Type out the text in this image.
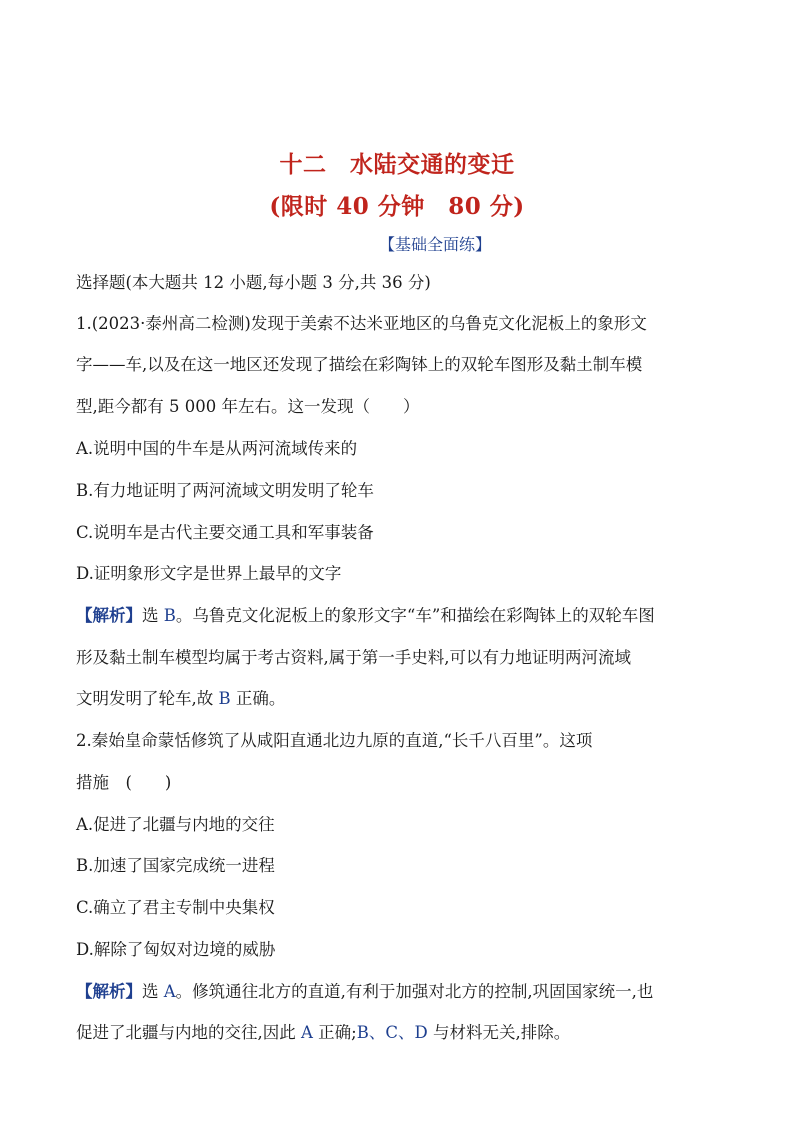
十二　水陆交通的变迁
(限时 40 分钟　80 分)
【基础全面练】
选择题(本大题共 12 小题,每小题 3 分,共 36 分)
1.(2023·泰州高二检测)发现于美索不达米亚地区的乌鲁克文化泥板上的象形文
字——车,以及在这一地区还发现了描绘在彩陶钵上的双轮车图形及黏土制车模
型,距今都有 5 000 年左右。这一发现（　　）
A.说明中国的牛车是从两河流域传来的
B.有力地证明了两河流域文明发明了轮车
C.说明车是古代主要交通工具和军事装备
D.证明象形文字是世界上最早的文字
【解析】选 B。乌鲁克文化泥板上的象形文字“车”和描绘在彩陶钵上的双轮车图
形及黏土制车模型均属于考古资料,属于第一手史料,可以有力地证明两河流域
文明发明了轮车,故 B 正确。
2.秦始皇命蒙恬修筑了从咸阳直通北边九原的直道,“长千八百里”。这项
措施　(　　)
A.促进了北疆与内地的交往
B.加速了国家完成统一进程
C.确立了君主专制中央集权
D.解除了匈奴对边境的威胁
【解析】选 A。修筑通往北方的直道,有利于加强对北方的控制,巩固国家统一,也
促进了北疆与内地的交往,因此 A 正确;B、C、D 与材料无关,排除。
